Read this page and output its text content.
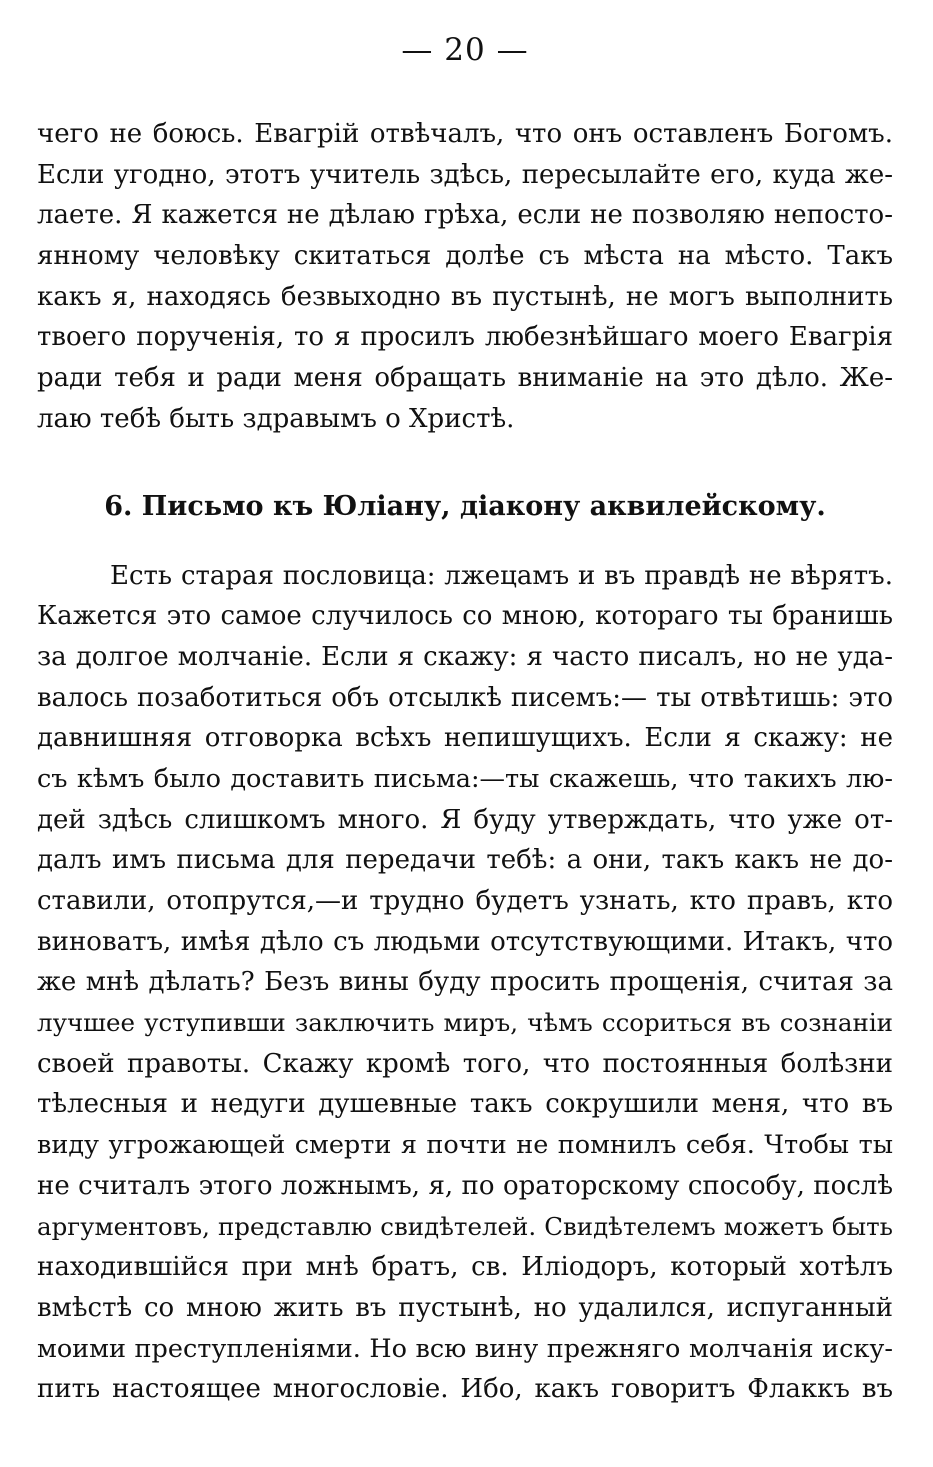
— 20 —
чего не боюсь. Евагрій отвѣчалъ, что онъ оставленъ Богомъ.
Если угодно, этотъ учитель здѣсь, пересылайте его, куда же-
лаете. Я кажется не дѣлаю грѣха, если не позволяю непосто-
янному человѣку скитаться долѣе съ мѣста на мѣсто. Такъ
какъ я, находясь безвыходно въ пустынѣ, не могъ выполнить
твоего порученія, то я просилъ любезнѣйшаго моего Евагрія
ради тебя и ради меня обращать вниманіе на это дѣло. Же-
лаю тебѣ быть здравымъ о Христѣ.
6. Письмо къ Юліану, діакону аквилейскому.
Есть старая пословица: лжецамъ и въ правдѣ не вѣрятъ.
Кажется это самое случилось со мною, котораго ты бранишь
за долгое молчаніе. Если я скажу: я часто писалъ, но не уда-
валось позаботиться объ отсылкѣ писемъ:— ты отвѣтишь: это
давнишняя отговорка всѣхъ непишущихъ. Если я скажу: не
съ кѣмъ было доставить письма:—ты скажешь, что такихъ лю-
дей здѣсь слишкомъ много. Я буду утверждать, что уже от-
далъ имъ письма для передачи тебѣ: а они, такъ какъ не до-
ставили, отопрутся,—и трудно будетъ узнать, кто правъ, кто
виноватъ, имѣя дѣло съ людьми отсутствующими. Итакъ, что
же мнѣ дѣлать? Безъ вины буду просить прощенія, считая за
лучшее уступивши заключить миръ, чѣмъ ссориться въ сознаніи
своей правоты. Скажу кромѣ того, что постоянныя болѣзни
тѣлесныя и недуги душевные такъ сокрушили меня, что въ
виду угрожающей смерти я почти не помнилъ себя. Чтобы ты
не считалъ этого ложнымъ, я, по ораторскому способу, послѣ
аргументовъ, представлю свидѣтелей. Свидѣтелемъ можетъ быть
находившійся при мнѣ братъ, св. Иліодоръ, который хотѣлъ
вмѣстѣ со мною жить въ пустынѣ, но удалился, испуганный
моими преступленіями. Но всю вину прежняго молчанія иску-
пить настоящее многословіе. Ибо, какъ говоритъ Флаккъ въ
